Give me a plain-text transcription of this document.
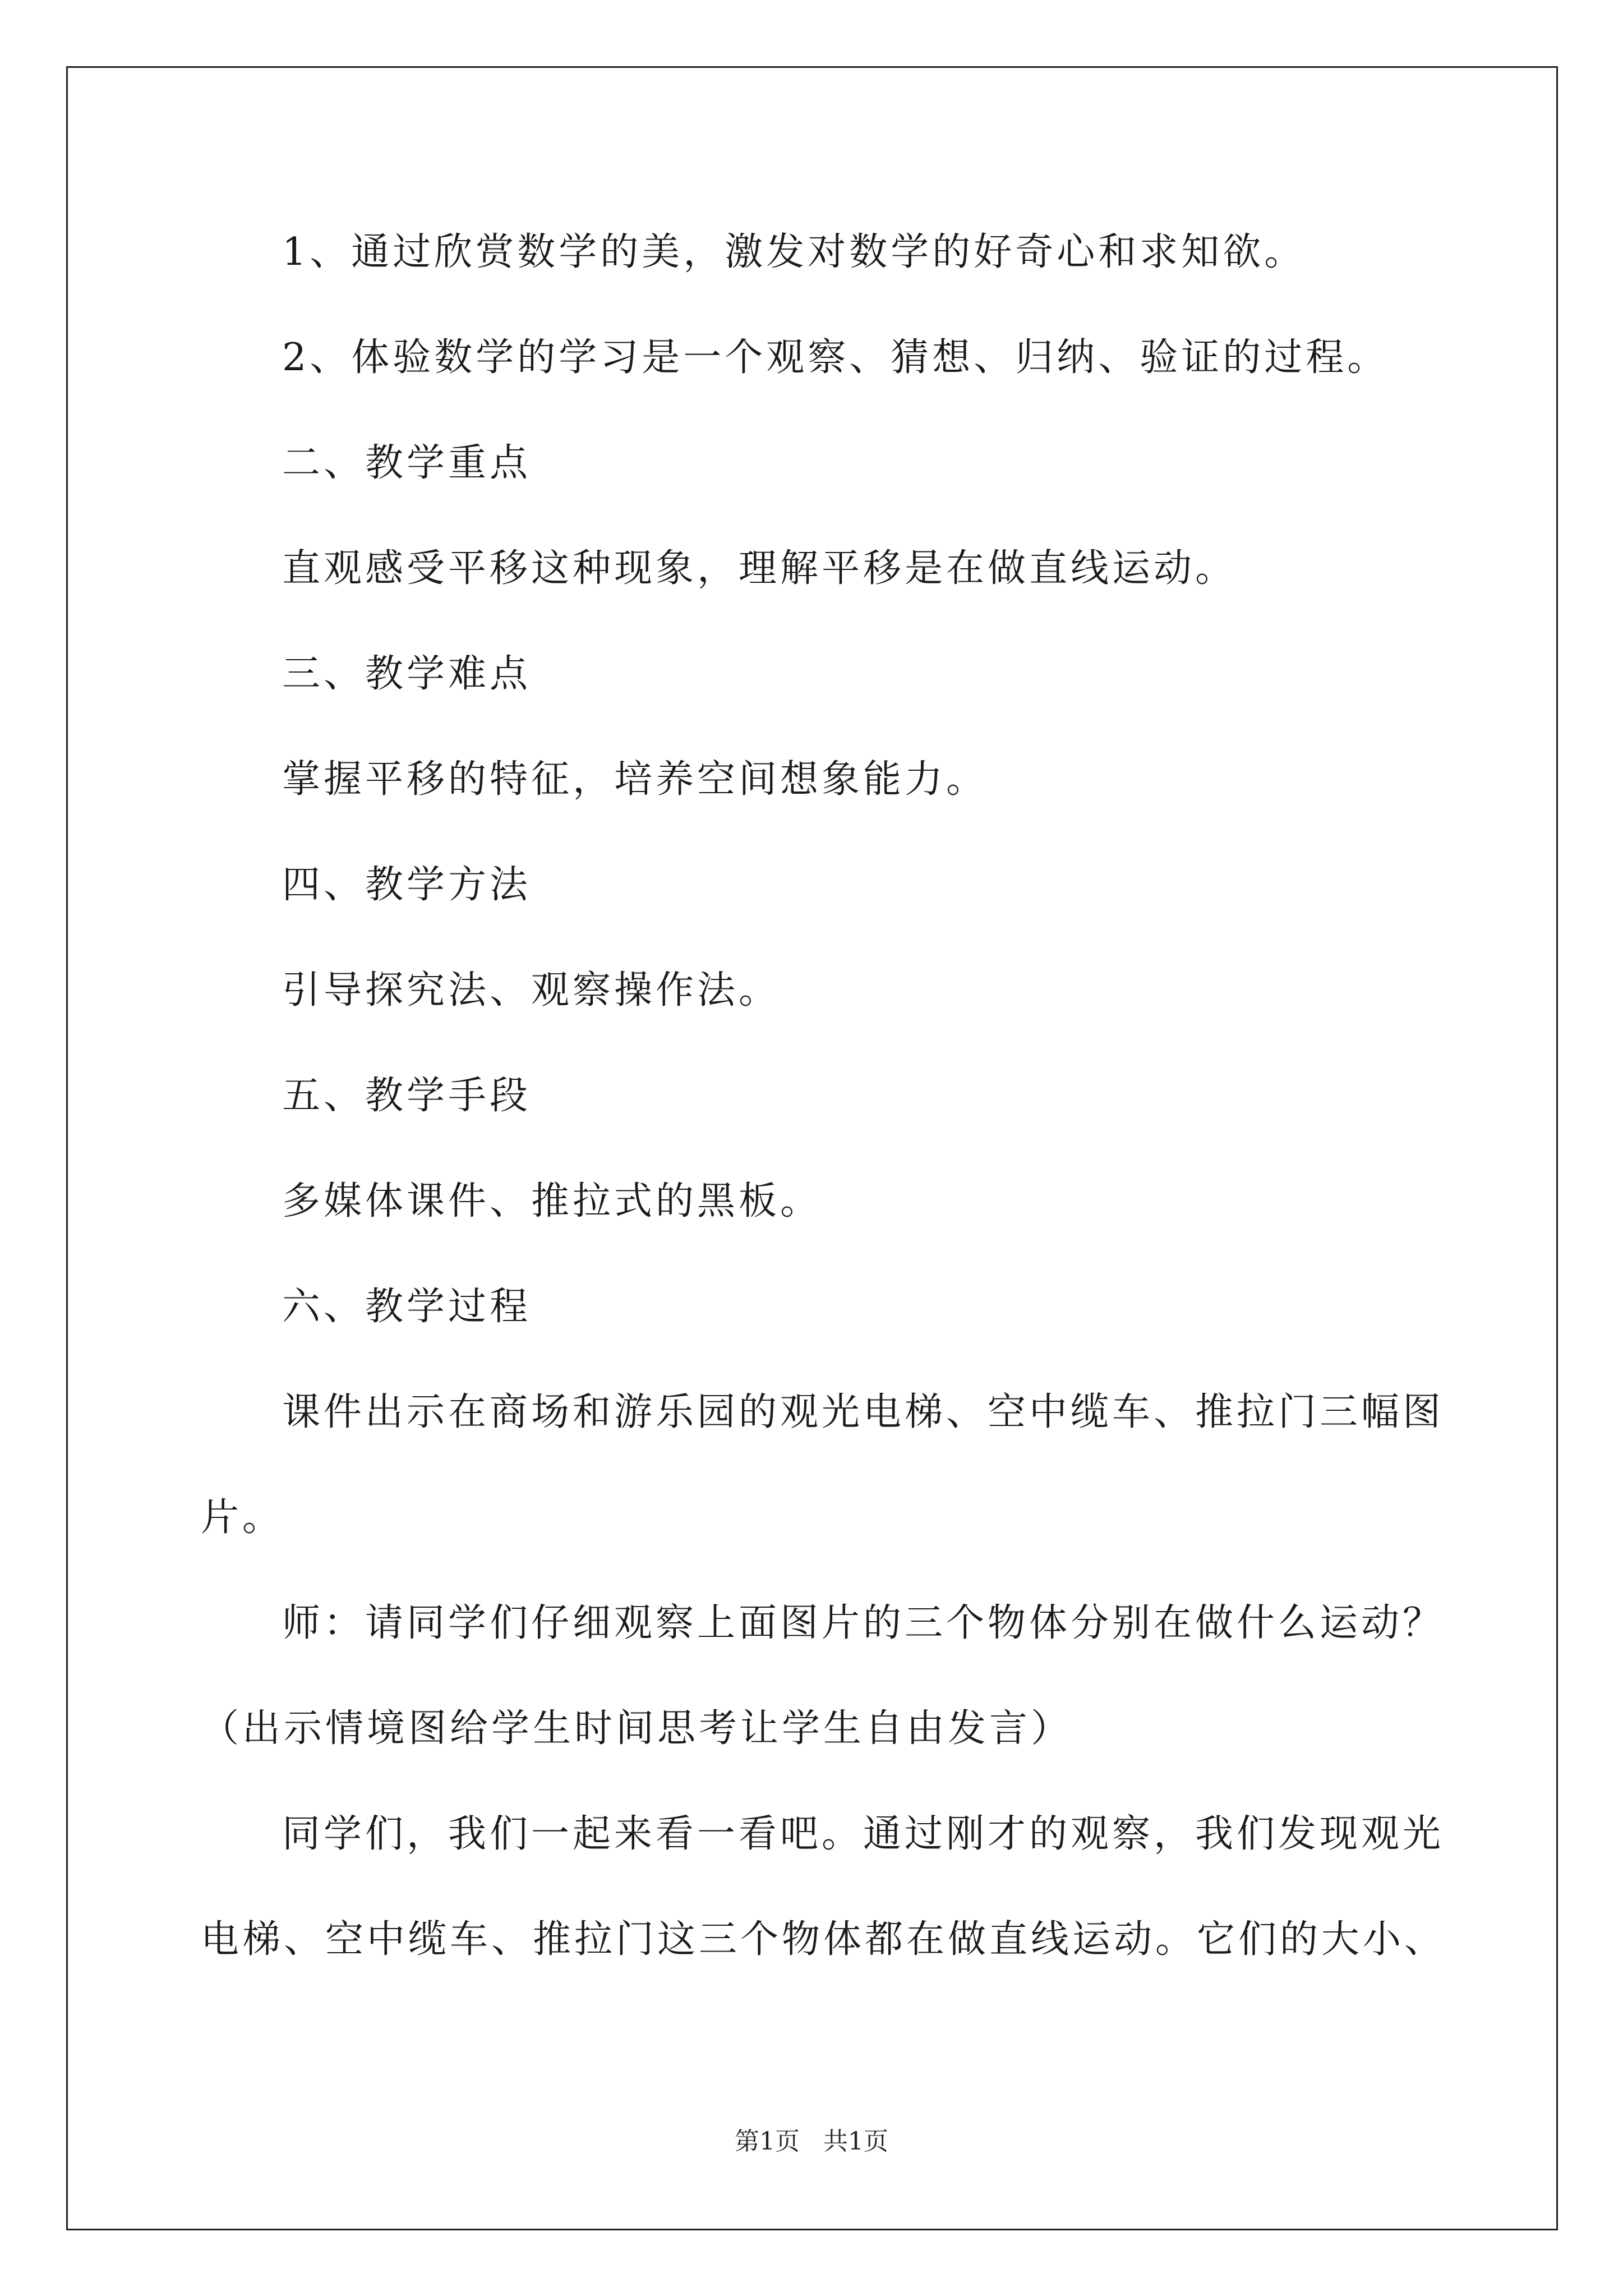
1、通过欣赏数学的美，激发对数学的好奇心和求知欲。
2、体验数学的学习是一个观察、猜想、归纳、验证的过程。
二、教学重点
直观感受平移这种现象，理解平移是在做直线运动。
三、教学难点
掌握平移的特征，培养空间想象能力。
四、教学方法
引导探究法、观察操作法。
五、教学手段
多媒体课件、推拉式的黑板。
六、教学过程
课件出示在商场和游乐园的观光电梯、空中缆车、推拉门三幅图
片。
师：请同学们仔细观察上面图片的三个物体分别在做什么运动？
（出示情境图给学生时间思考让学生自由发言）
同学们，我们一起来看一看吧。通过刚才的观察，我们发现观光
电梯、空中缆车、推拉门这三个物体都在做直线运动。它们的大小、
第1页 共1页
